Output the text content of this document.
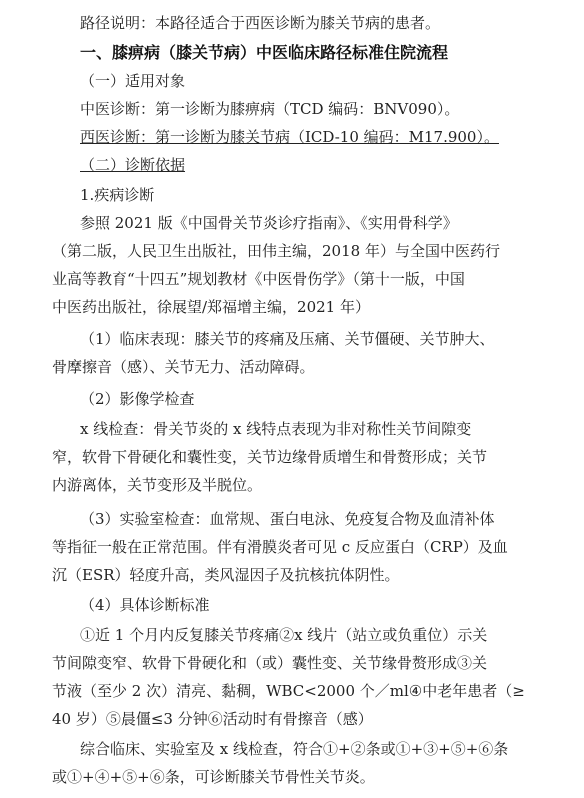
路径说明：本路径适合于西医诊断为膝关节病的患者。
一、膝痹病（膝关节病）中医临床路径标准住院流程
（一）适用对象
中医诊断：第一诊断为膝痹病（TCD 编码：BNV090）。
西医诊断：第一诊断为膝关节病（ICD-10 编码：M17.900）。
（二）诊断依据
1.疾病诊断
参照 2021 版《中国骨关节炎诊疗指南》、《实用骨科学》
（第二版，人民卫生出版社，田伟主编，2018 年）与全国中医药行
业高等教育“十四五”规划教材《中医骨伤学》（第十一版，中国
中医药出版社，徐展望/郑福增主编，2021 年）
（1）临床表现：膝关节的疼痛及压痛、关节僵硬、关节肿大、
骨摩擦音（感）、关节无力、活动障碍。
（2）影像学检查
x 线检查：骨关节炎的 x 线特点表现为非对称性关节间隙变
窄，软骨下骨硬化和囊性变，关节边缘骨质增生和骨赘形成；关节
内游离体，关节变形及半脱位。
（3）实验室检查：血常规、蛋白电泳、免疫复合物及血清补体
等指征一般在正常范围。伴有滑膜炎者可见 c 反应蛋白（CRP）及血
沉（ESR）轻度升高，类风湿因子及抗核抗体阴性。
（4）具体诊断标准
①近 1 个月内反复膝关节疼痛②x 线片（站立或负重位）示关
节间隙变窄、软骨下骨硬化和（或）囊性变、关节缘骨赘形成③关
节液（至少 2 次）清亮、黏稠，WBC<2000 个／ml④中老年患者（≥
40 岁）⑤晨僵≤3 分钟⑥活动时有骨擦音（感）
综合临床、实验室及 x 线检查，符合①+②条或①+③+⑤+⑥条
或①+④+⑤+⑥条，可诊断膝关节骨性关节炎。
